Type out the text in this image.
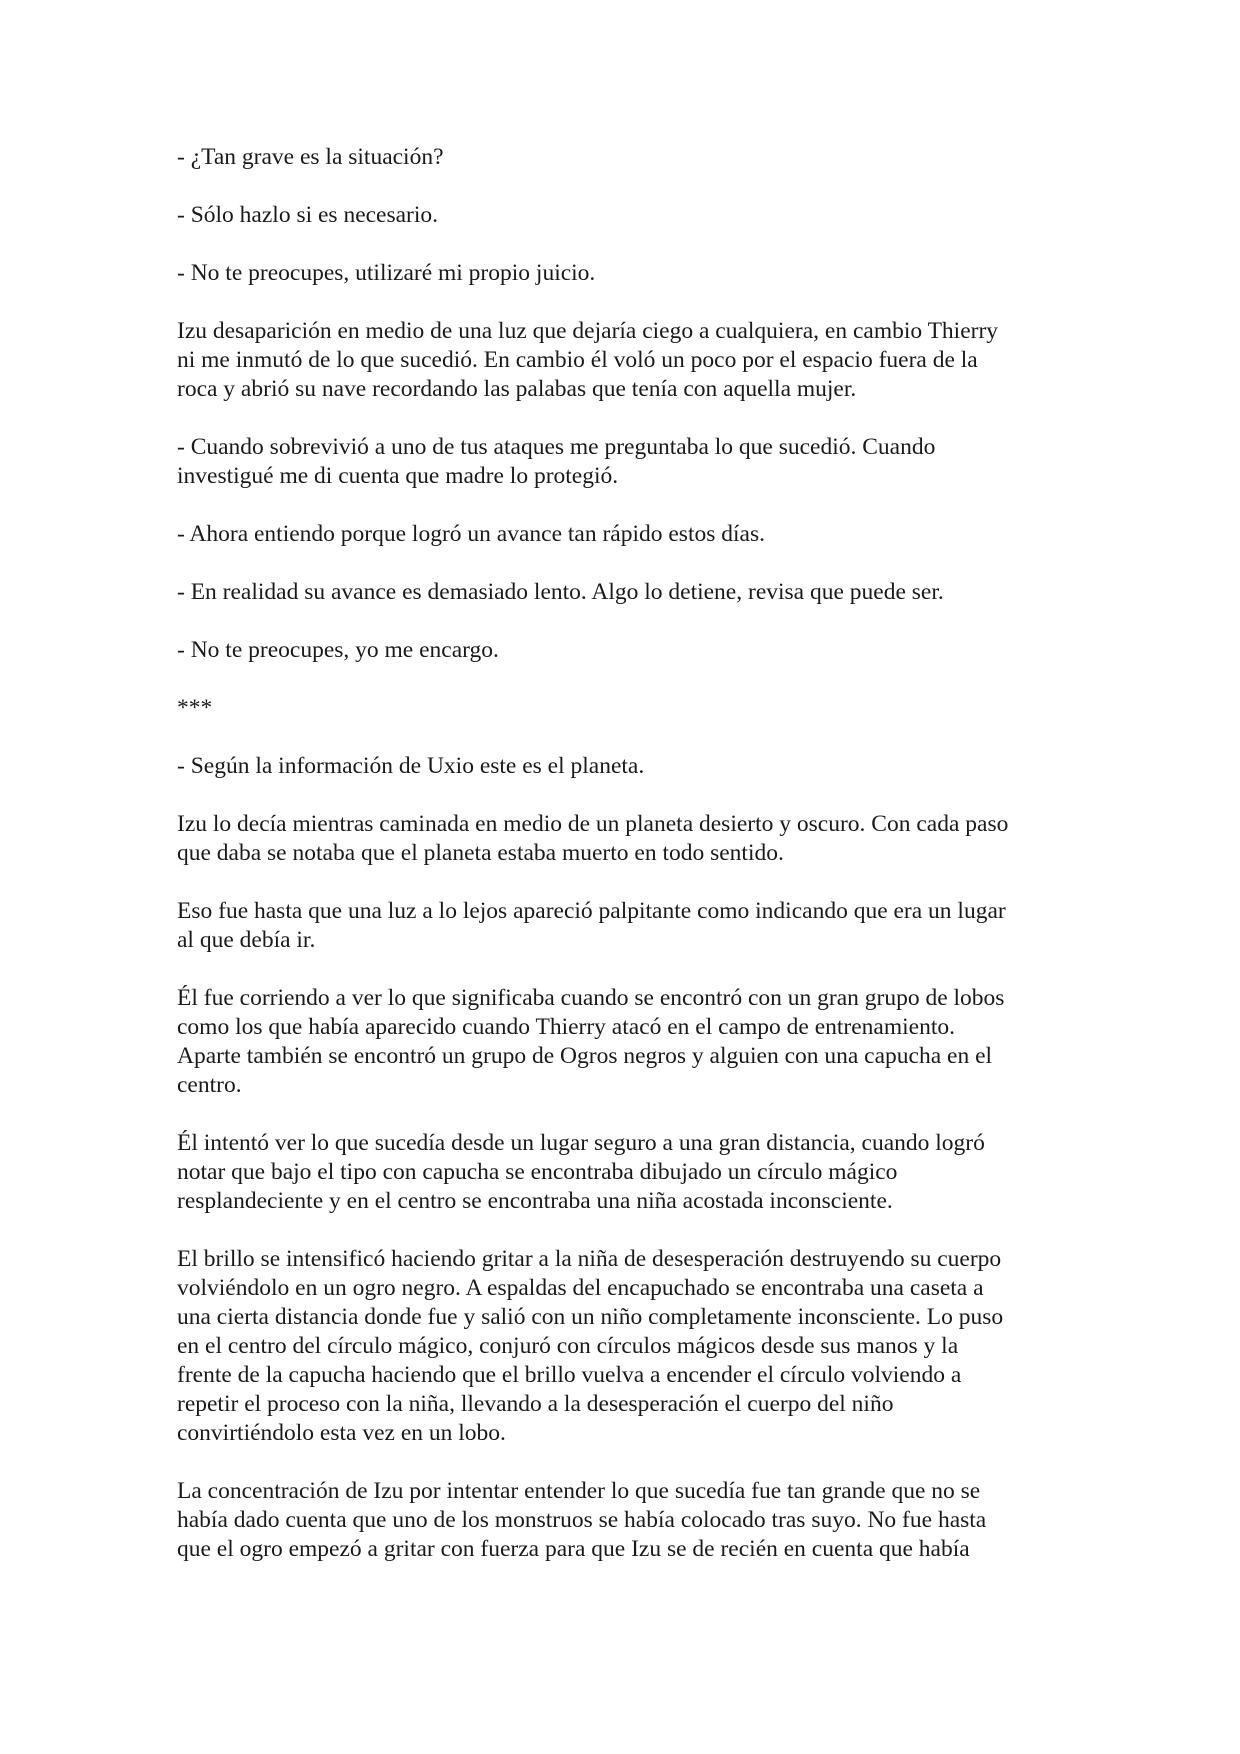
- ¿Tan grave es la situación?

- Sólo hazlo si es necesario.

- No te preocupes, utilizaré mi propio juicio.

Izu desaparición en medio de una luz que dejaría ciego a cualquiera, en cambio Thierry
ni me inmutó de lo que sucedió. En cambio él voló un poco por el espacio fuera de la
roca y abrió su nave recordando las palabas que tenía con aquella mujer.

- Cuando sobrevivió a uno de tus ataques me preguntaba lo que sucedió. Cuando
investigué me di cuenta que madre lo protegió.

- Ahora entiendo porque logró un avance tan rápido estos días.

- En realidad su avance es demasiado lento. Algo lo detiene, revisa que puede ser.

- No te preocupes, yo me encargo.

***

- Según la información de Uxio este es el planeta.

Izu lo decía mientras caminada en medio de un planeta desierto y oscuro. Con cada paso
que daba se notaba que el planeta estaba muerto en todo sentido.

Eso fue hasta que una luz a lo lejos apareció palpitante como indicando que era un lugar
al que debía ir.

Él fue corriendo a ver lo que significaba cuando se encontró con un gran grupo de lobos
como los que había aparecido cuando Thierry atacó en el campo de entrenamiento.
Aparte también se encontró un grupo de Ogros negros y alguien con una capucha en el
centro.

Él intentó ver lo que sucedía desde un lugar seguro a una gran distancia, cuando logró
notar que bajo el tipo con capucha se encontraba dibujado un círculo mágico
resplandeciente y en el centro se encontraba una niña acostada inconsciente.

El brillo se intensificó haciendo gritar a la niña de desesperación destruyendo su cuerpo
volviéndolo en un ogro negro. A espaldas del encapuchado se encontraba una caseta a
una cierta distancia donde fue y salió con un niño completamente inconsciente. Lo puso
en el centro del círculo mágico, conjuró con círculos mágicos desde sus manos y la
frente de la capucha haciendo que el brillo vuelva a encender el círculo volviendo a
repetir el proceso con la niña, llevando a la desesperación el cuerpo del niño
convirtiéndolo esta vez en un lobo.

La concentración de Izu por intentar entender lo que sucedía fue tan grande que no se
había dado cuenta que uno de los monstruos se había colocado tras suyo. No fue hasta
que el ogro empezó a gritar con fuerza para que Izu se de recién en cuenta que había
